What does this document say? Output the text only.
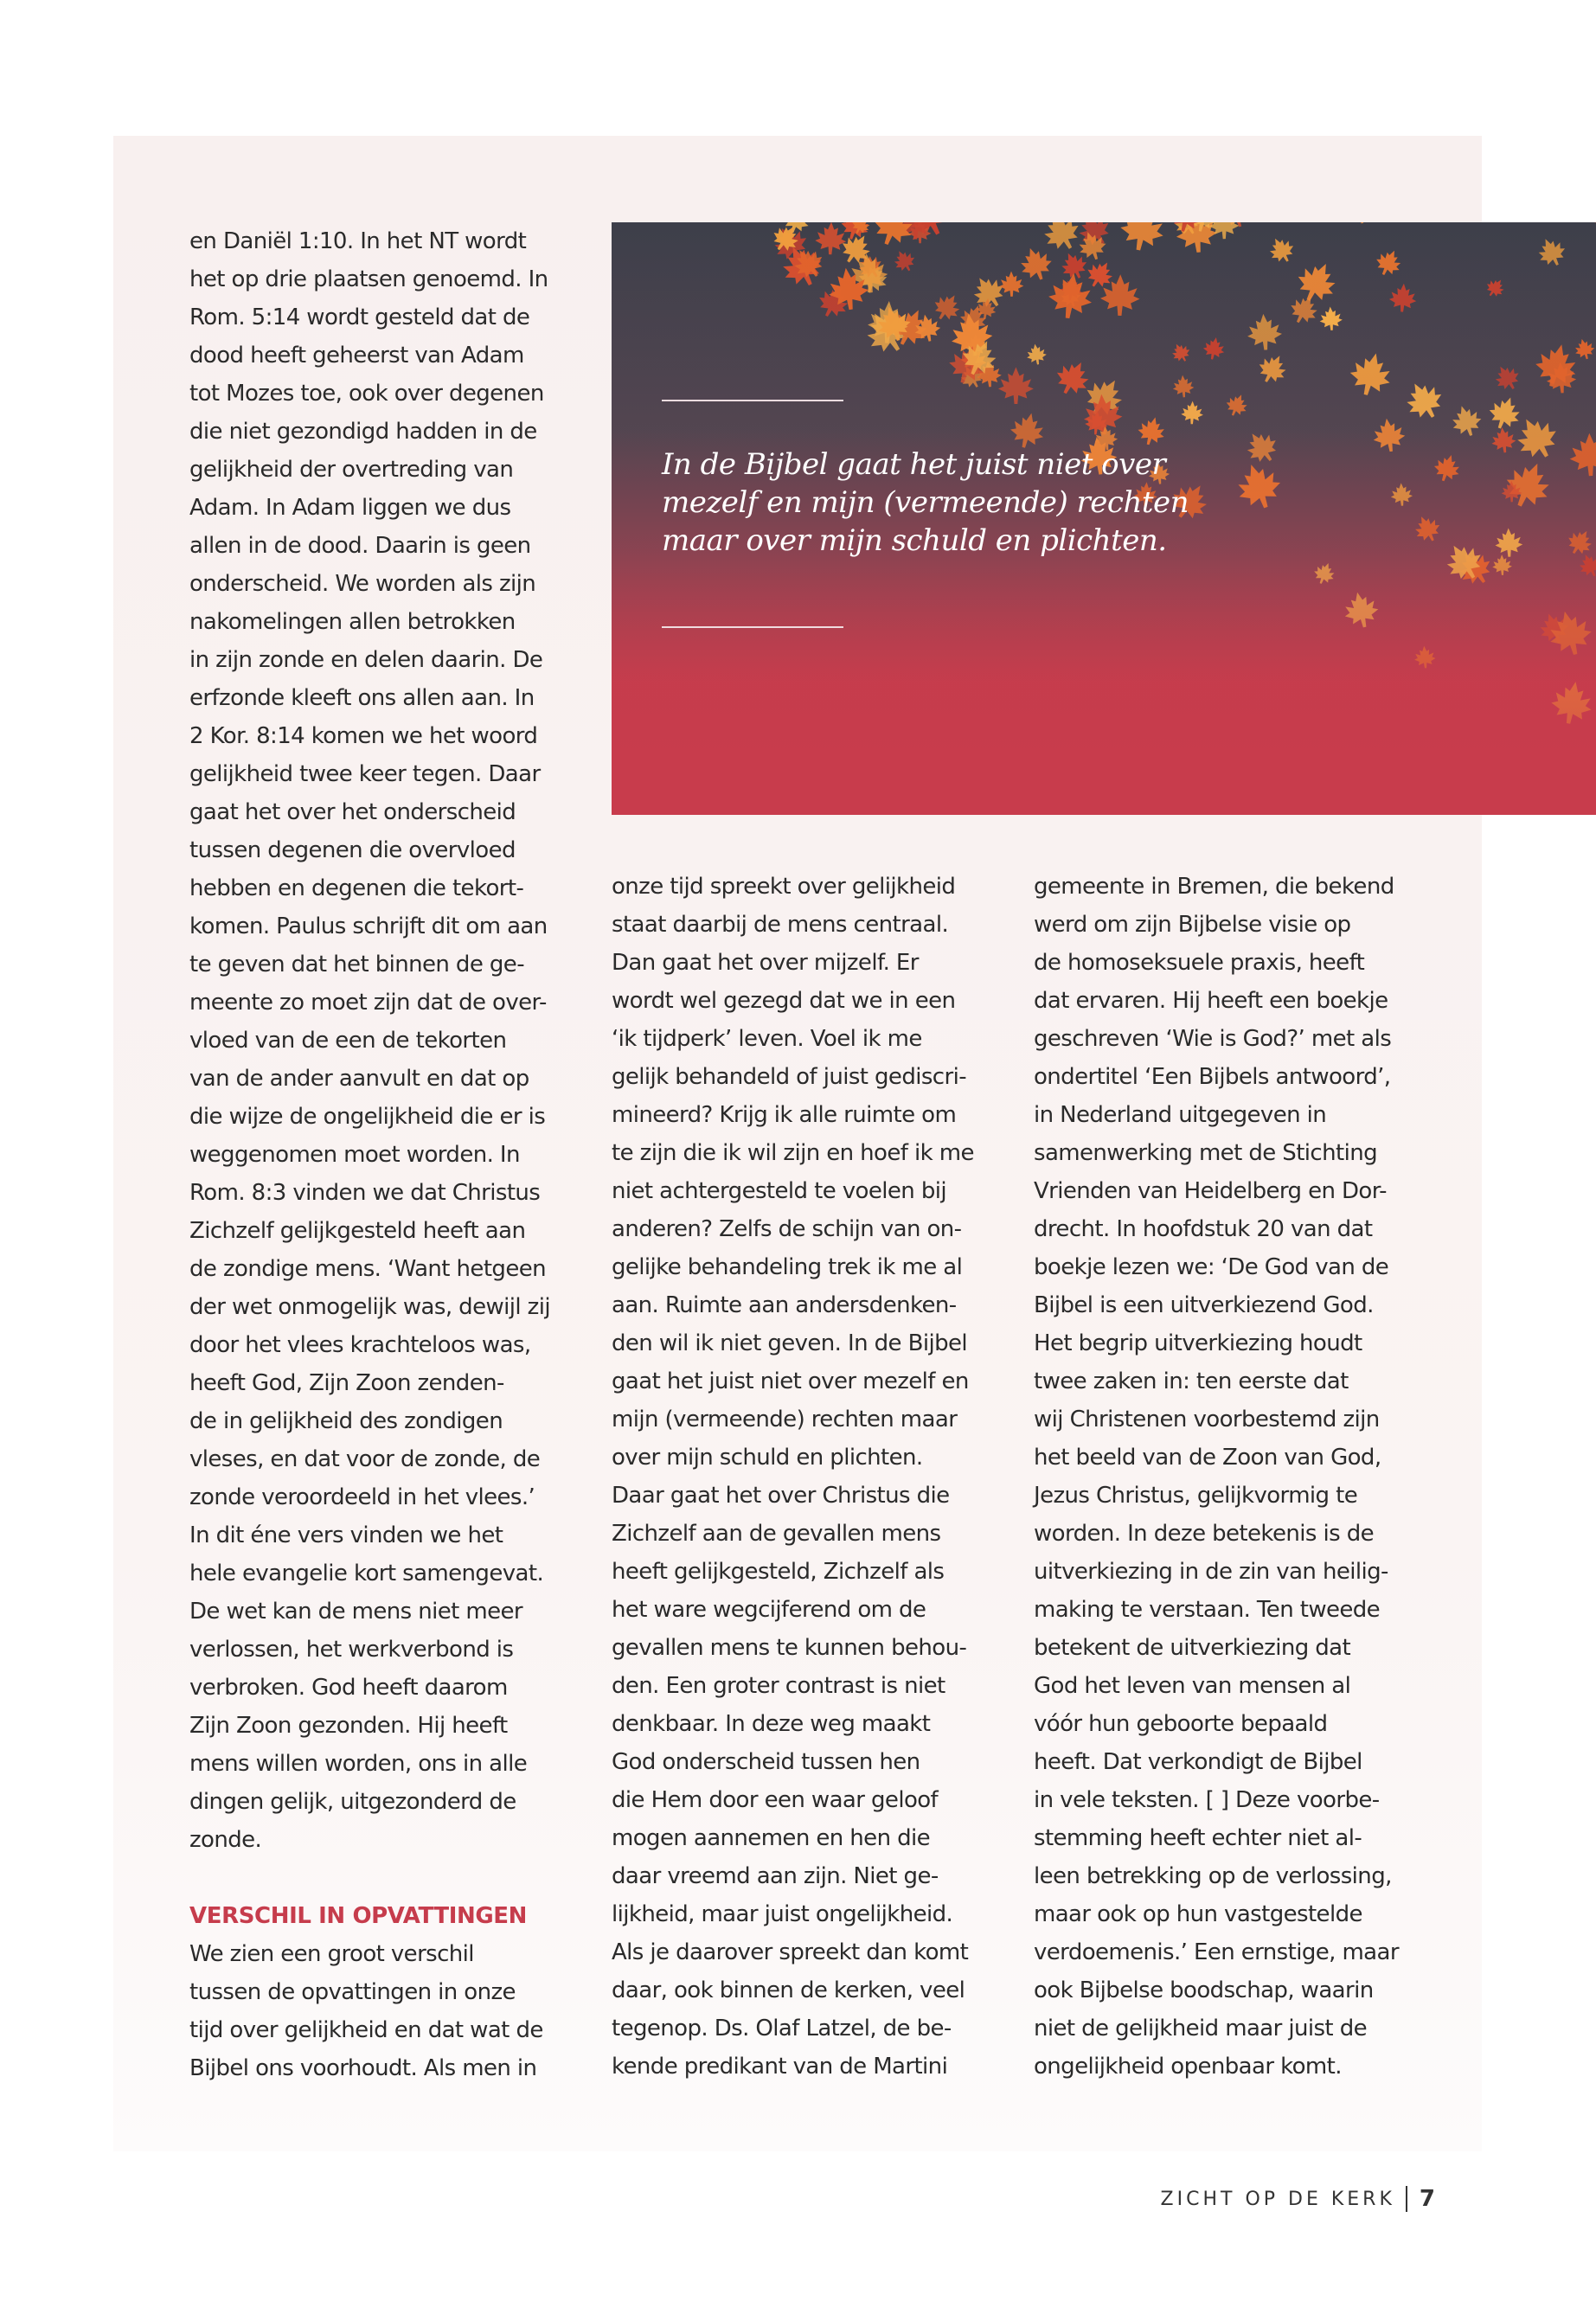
en Daniël 1:10. In het NT wordt
het op drie plaatsen genoemd. In
Rom. 5:14 wordt gesteld dat de
dood heeft geheerst van Adam
tot Mozes toe, ook over degenen
die niet gezondigd hadden in de
gelijkheid der overtreding van
Adam. In Adam liggen we dus
allen in de dood. Daarin is geen
onderscheid. We worden als zijn
nakomelingen allen betrokken
in zijn zonde en delen daarin. De
erfzonde kleeft ons allen aan. In
2 Kor. 8:14 komen we het woord
gelijkheid twee keer tegen. Daar
gaat het over het onderscheid
tussen degenen die overvloed
hebben en degenen die tekort-
komen. Paulus schrijft dit om aan
te geven dat het binnen de ge-
meente zo moet zijn dat de over-
vloed van de een de tekorten
van de ander aanvult en dat op
die wijze de ongelijkheid die er is
weggenomen moet worden. In
Rom. 8:3 vinden we dat Christus
Zichzelf gelijkgesteld heeft aan
de zondige mens. ‘Want hetgeen
der wet onmogelijk was, dewijl zij
door het vlees krachteloos was,
heeft God, Zijn Zoon zenden-
de in gelijkheid des zondigen
vleses, en dat voor de zonde, de
zonde veroordeeld in het vlees.’
In dit éne vers vinden we het
hele evangelie kort samengevat.
De wet kan de mens niet meer
verlossen, het werkverbond is
verbroken. God heeft daarom
Zijn Zoon gezonden. Hij heeft
mens willen worden, ons in alle
dingen gelijk, uitgezonderd de
zonde.
VERSCHIL IN OPVATTINGEN
We zien een groot verschil
tussen de opvattingen in onze
tijd over gelijkheid en dat wat de
Bijbel ons voorhoudt. Als men in
In de Bijbel gaat het juist niet over
mezelf en mijn (vermeende) rechten
maar over mijn schuld en plichten.
onze tijd spreekt over gelijkheid
staat daarbij de mens centraal.
Dan gaat het over mijzelf. Er
wordt wel gezegd dat we in een
‘ik tijdperk’ leven. Voel ik me
gelijk behandeld of juist gediscri-
mineerd? Krijg ik alle ruimte om
te zijn die ik wil zijn en hoef ik me
niet achtergesteld te voelen bij
anderen? Zelfs de schijn van on-
gelijke behandeling trek ik me al
aan. Ruimte aan andersdenken-
den wil ik niet geven. In de Bijbel
gaat het juist niet over mezelf en
mijn (vermeende) rechten maar
over mijn schuld en plichten.
Daar gaat het over Christus die
Zichzelf aan de gevallen mens
heeft gelijkgesteld, Zichzelf als
het ware wegcijferend om de
gevallen mens te kunnen behou-
den. Een groter contrast is niet
denkbaar. In deze weg maakt
God onderscheid tussen hen
die Hem door een waar geloof
mogen aannemen en hen die
daar vreemd aan zijn. Niet ge-
lijkheid, maar juist ongelijkheid.
Als je daarover spreekt dan komt
daar, ook binnen de kerken, veel
tegenop. Ds. Olaf Latzel, de be-
kende predikant van de Martini
gemeente in Bremen, die bekend
werd om zijn Bijbelse visie op
de homoseksuele praxis, heeft
dat ervaren. Hij heeft een boekje
geschreven ‘Wie is God?’ met als
ondertitel ‘Een Bijbels antwoord’,
in Nederland uitgegeven in
samenwerking met de Stichting
Vrienden van Heidelberg en Dor-
drecht. In hoofdstuk 20 van dat
boekje lezen we: ‘De God van de
Bijbel is een uitverkiezend God.
Het begrip uitverkiezing houdt
twee zaken in: ten eerste dat
wij Christenen voorbestemd zijn
het beeld van de Zoon van God,
Jezus Christus, gelijkvormig te
worden. In deze betekenis is de
uitverkiezing in de zin van heilig-
making te verstaan. Ten tweede
betekent de uitverkiezing dat
God het leven van mensen al
vóór hun geboorte bepaald
heeft. Dat verkondigt de Bijbel
in vele teksten. [ ] Deze voorbe-
stemming heeft echter niet al-
leen betrekking op de verlossing,
maar ook op hun vastgestelde
verdoemenis.’ Een ernstige, maar
ook Bijbelse boodschap, waarin
niet de gelijkheid maar juist de
ongelijkheid openbaar komt.
ZICHT OP DE KERK 7
